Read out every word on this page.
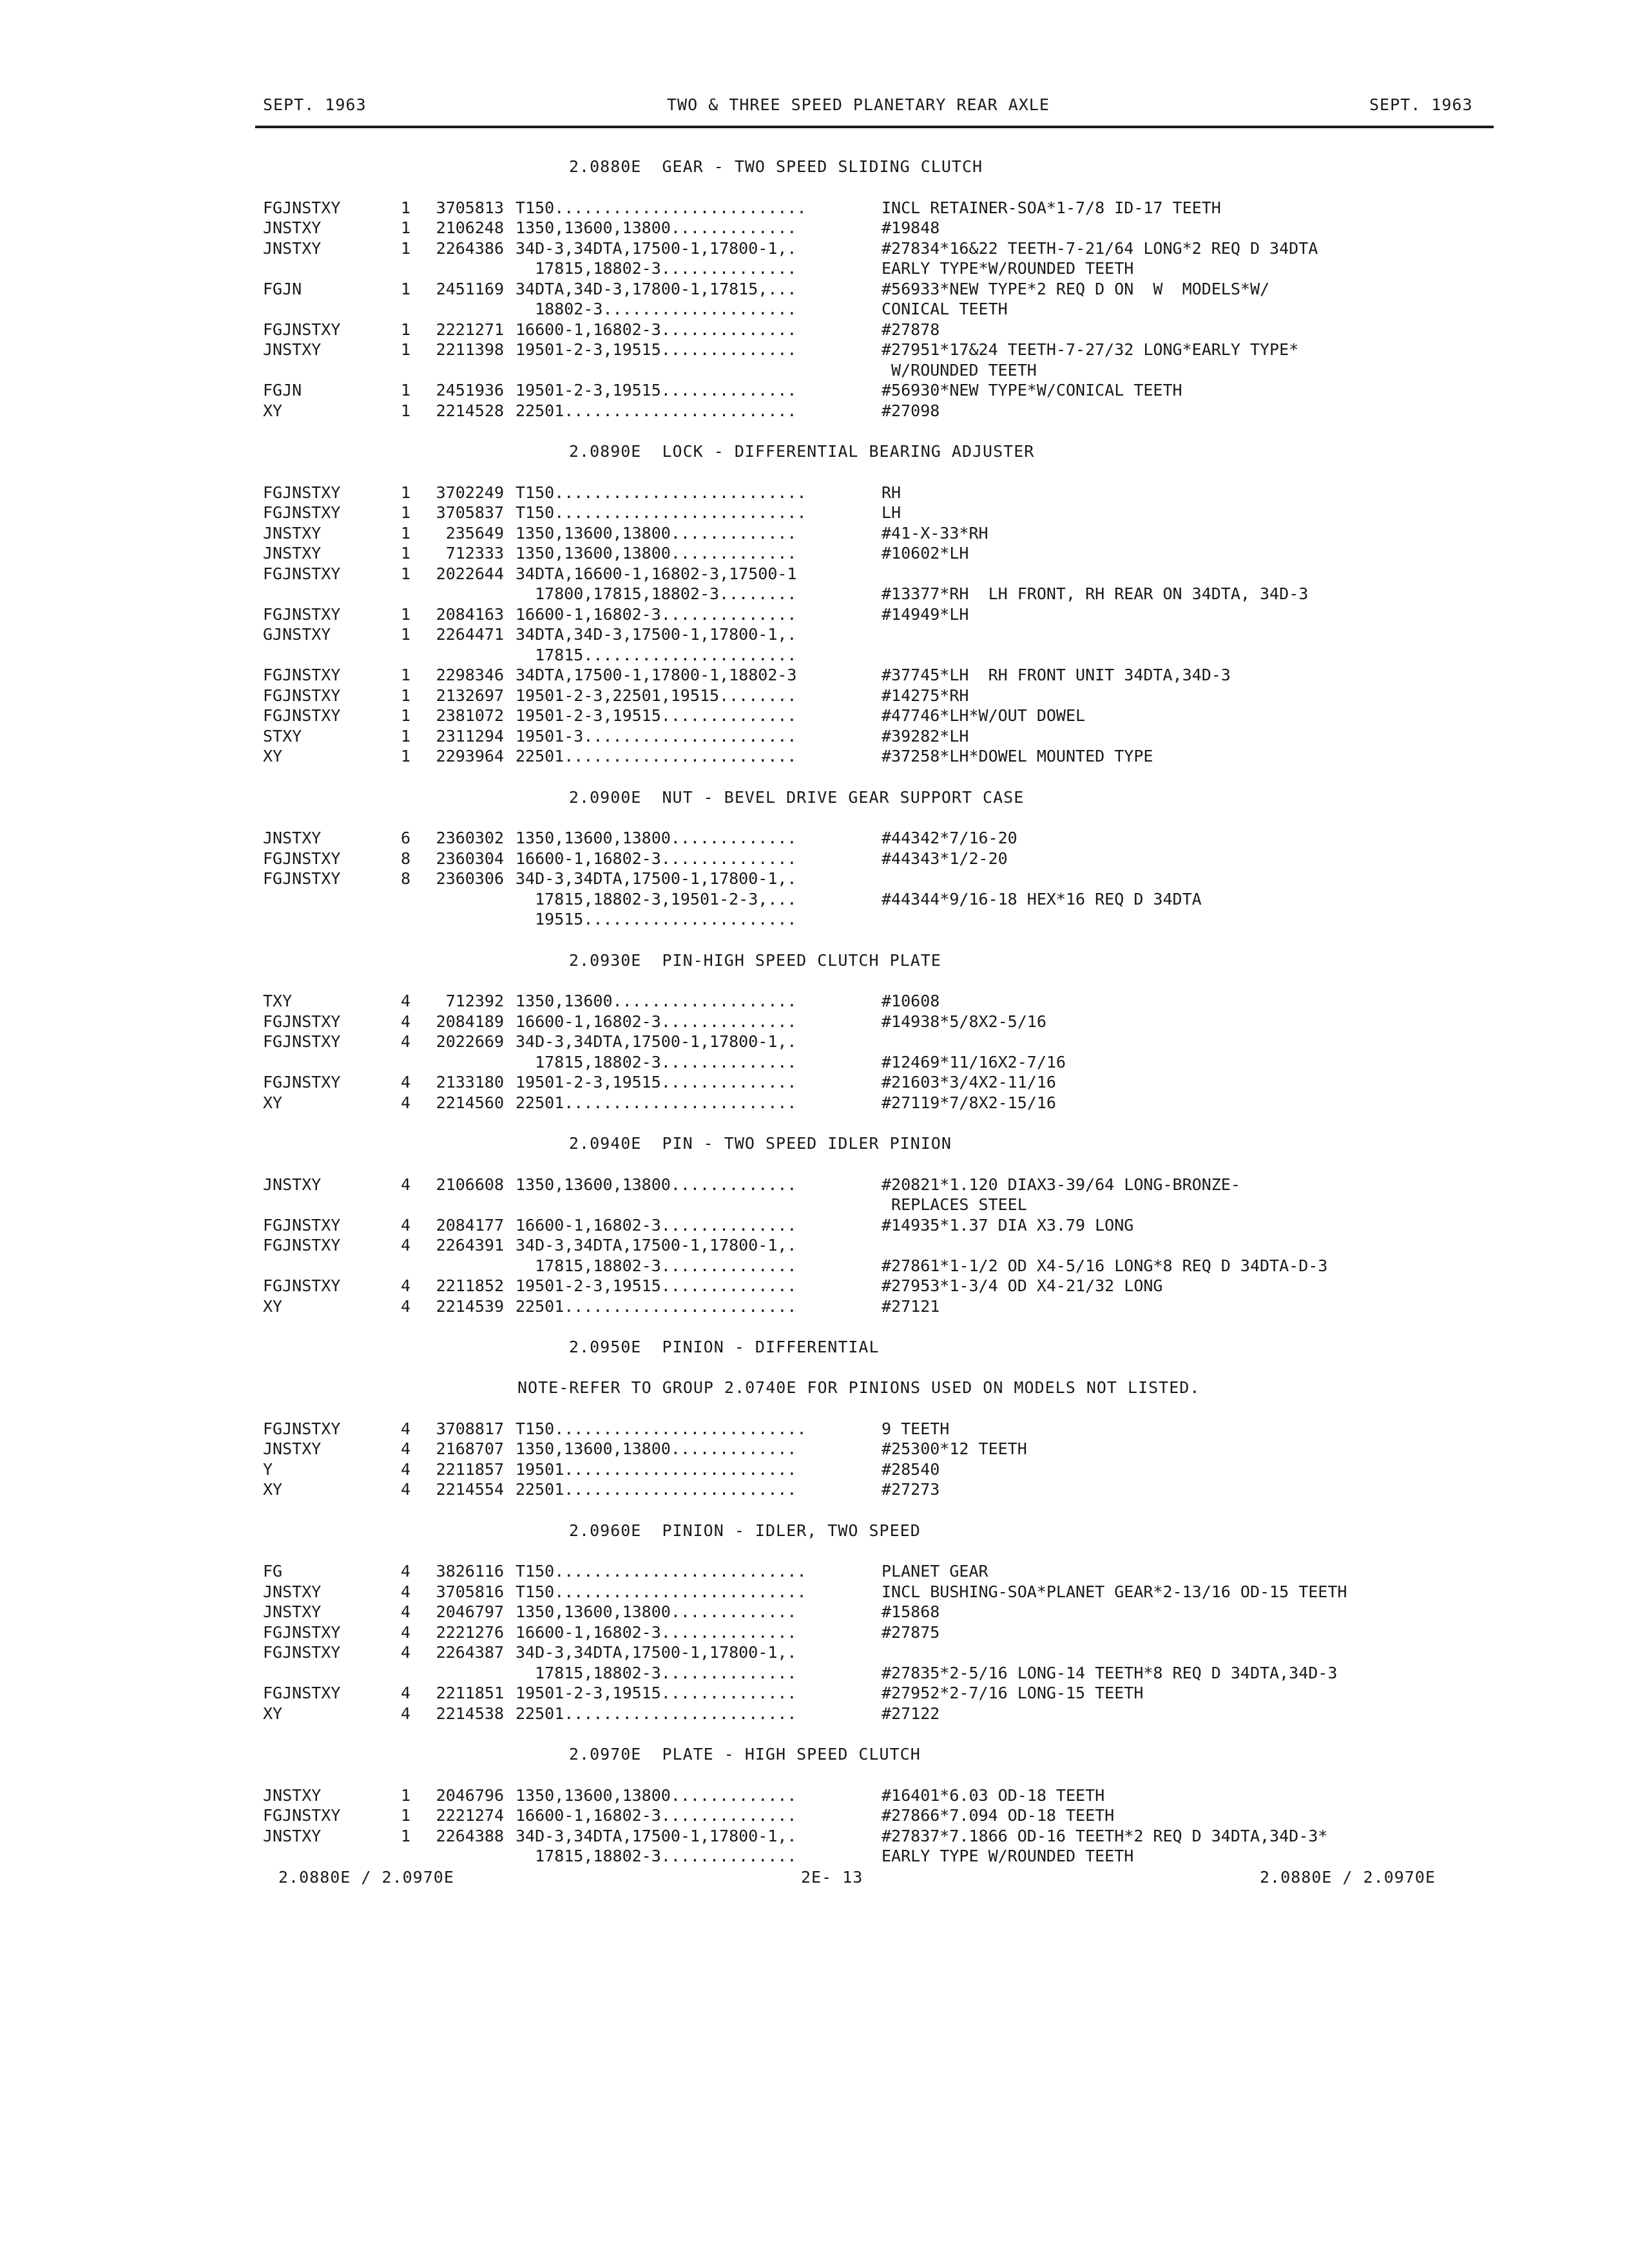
SEPT. 1963	TWO & THREE SPEED PLANETARY REAR AXLE	SEPT. 1963
2.0880E  GEAR - TWO SPEED SLIDING CLUTCH
FGJNSTXY	1	3705813 T150..........................	INCL RETAINER-SOA*1-7/8 ID-17 TEETH
JNSTXY	1	2106248 1350,13600,13800.............	#19848
JNSTXY	1	2264386 34D-3,34DTA,17500-1,17800-1,.	#27834*16&22 TEETH-7-21/64 LONG*2 REQ D 34DTA
17815,18802-3..............	EARLY TYPE*W/ROUNDED TEETH
FGJN	1	2451169 34DTA,34D-3,17800-1,17815,...	#56933*NEW TYPE*2 REQ D ON  W  MODELS*W/
18802-3....................	CONICAL TEETH
FGJNSTXY	1	2221271 16600-1,16802-3..............	#27878
JNSTXY	1	2211398 19501-2-3,19515..............	#27951*17&24 TEETH-7-27/32 LONG*EARLY TYPE*
W/ROUNDED TEETH
FGJN	1	2451936 19501-2-3,19515..............	#56930*NEW TYPE*W/CONICAL TEETH
XY	1	2214528 22501........................	#27098
2.0890E  LOCK - DIFFERENTIAL BEARING ADJUSTER
FGJNSTXY	1	3702249 T150..........................	RH
FGJNSTXY	1	3705837 T150..........................	LH
JNSTXY	1	235649 1350,13600,13800.............	#41-X-33*RH
JNSTXY	1	712333 1350,13600,13800.............	#10602*LH
FGJNSTXY	1	2022644 34DTA,16600-1,16802-3,17500-1
17800,17815,18802-3........	#13377*RH  LH FRONT, RH REAR ON 34DTA, 34D-3
FGJNSTXY	1	2084163 16600-1,16802-3..............	#14949*LH
GJNSTXY	1	2264471 34DTA,34D-3,17500-1,17800-1,.
17815......................
FGJNSTXY	1	2298346 34DTA,17500-1,17800-1,18802-3	#37745*LH  RH FRONT UNIT 34DTA,34D-3
FGJNSTXY	1	2132697 19501-2-3,22501,19515........	#14275*RH
FGJNSTXY	1	2381072 19501-2-3,19515..............	#47746*LH*W/OUT DOWEL
STXY	1	2311294 19501-3......................	#39282*LH
XY	1	2293964 22501........................	#37258*LH*DOWEL MOUNTED TYPE
2.0900E  NUT - BEVEL DRIVE GEAR SUPPORT CASE
JNSTXY	6	2360302 1350,13600,13800.............	#44342*7/16-20
FGJNSTXY	8	2360304 16600-1,16802-3..............	#44343*1/2-20
FGJNSTXY	8	2360306 34D-3,34DTA,17500-1,17800-1,.
17815,18802-3,19501-2-3,...	#44344*9/16-18 HEX*16 REQ D 34DTA
19515......................
2.0930E  PIN-HIGH SPEED CLUTCH PLATE
TXY	4	712392 1350,13600...................	#10608
FGJNSTXY	4	2084189 16600-1,16802-3..............	#14938*5/8X2-5/16
FGJNSTXY	4	2022669 34D-3,34DTA,17500-1,17800-1,.
17815,18802-3..............	#12469*11/16X2-7/16
FGJNSTXY	4	2133180 19501-2-3,19515..............	#21603*3/4X2-11/16
XY	4	2214560 22501........................	#27119*7/8X2-15/16
2.0940E  PIN - TWO SPEED IDLER PINION
JNSTXY	4	2106608 1350,13600,13800.............	#20821*1.120 DIAX3-39/64 LONG-BRONZE-
REPLACES STEEL
FGJNSTXY	4	2084177 16600-1,16802-3..............	#14935*1.37 DIA X3.79 LONG
FGJNSTXY	4	2264391 34D-3,34DTA,17500-1,17800-1,.
17815,18802-3..............	#27861*1-1/2 OD X4-5/16 LONG*8 REQ D 34DTA-D-3
FGJNSTXY	4	2211852 19501-2-3,19515..............	#27953*1-3/4 OD X4-21/32 LONG
XY	4	2214539 22501........................	#27121
2.0950E  PINION - DIFFERENTIAL
NOTE-REFER TO GROUP 2.0740E FOR PINIONS USED ON MODELS NOT LISTED.
FGJNSTXY	4	3708817 T150..........................	9 TEETH
JNSTXY	4	2168707 1350,13600,13800.............	#25300*12 TEETH
Y	4	2211857 19501........................	#28540
XY	4	2214554 22501........................	#27273
2.0960E  PINION - IDLER, TWO SPEED
FG	4	3826116 T150..........................	PLANET GEAR
JNSTXY	4	3705816 T150..........................	INCL BUSHING-SOA*PLANET GEAR*2-13/16 OD-15 TEETH
JNSTXY	4	2046797 1350,13600,13800.............	#15868
FGJNSTXY	4	2221276 16600-1,16802-3..............	#27875
FGJNSTXY	4	2264387 34D-3,34DTA,17500-1,17800-1,.
17815,18802-3..............	#27835*2-5/16 LONG-14 TEETH*8 REQ D 34DTA,34D-3
FGJNSTXY	4	2211851 19501-2-3,19515..............	#27952*2-7/16 LONG-15 TEETH
XY	4	2214538 22501........................	#27122
2.0970E  PLATE - HIGH SPEED CLUTCH
JNSTXY	1	2046796 1350,13600,13800.............	#16401*6.03 OD-18 TEETH
FGJNSTXY	1	2221274 16600-1,16802-3..............	#27866*7.094 OD-18 TEETH
JNSTXY	1	2264388 34D-3,34DTA,17500-1,17800-1,.	#27837*7.1866 OD-16 TEETH*2 REQ D 34DTA,34D-3*
17815,18802-3..............	EARLY TYPE W/ROUNDED TEETH
2.0880E / 2.0970E	2E- 13	2.0880E / 2.0970E
